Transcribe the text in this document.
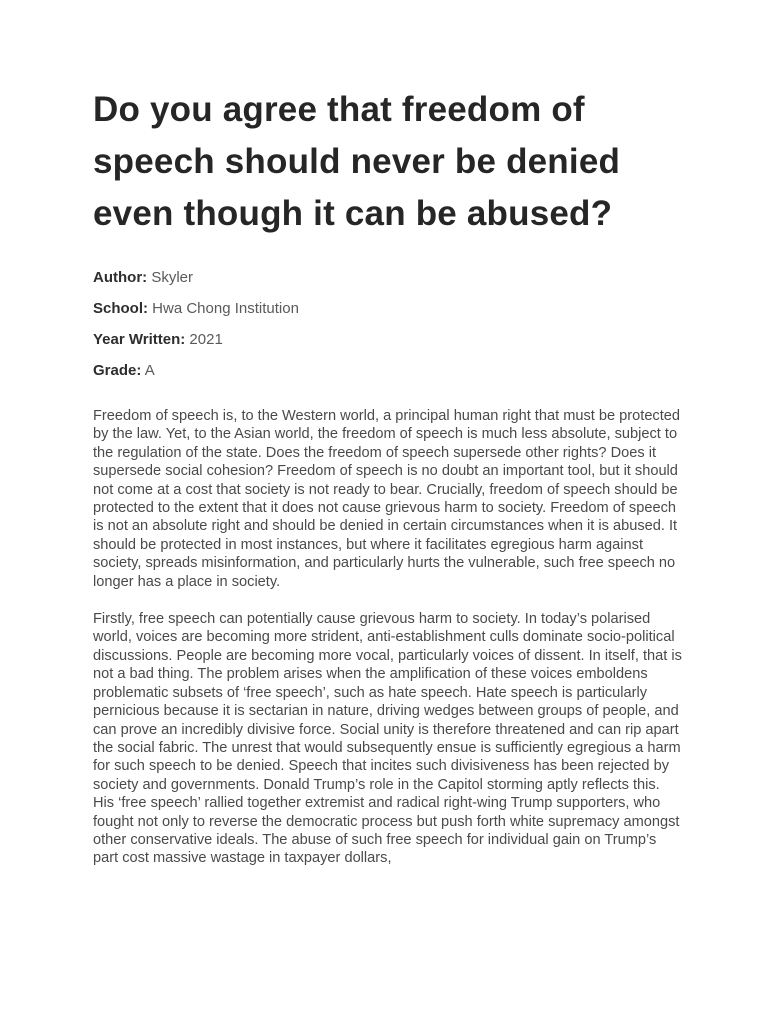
Do you agree that freedom of speech should never be denied even though it can be abused?

Author: Skyler

School: Hwa Chong Institution

Year Written: 2021

Grade: A

Freedom of speech is, to the Western world, a principal human right that must be protected by the law. Yet, to the Asian world, the freedom of speech is much less absolute, subject to the regulation of the state. Does the freedom of speech supersede other rights? Does it supersede social cohesion? Freedom of speech is no doubt an important tool, but it should not come at a cost that society is not ready to bear. Crucially, freedom of speech should be protected to the extent that it does not cause grievous harm to society. Freedom of speech is not an absolute right and should be denied in certain circumstances when it is abused. It should be protected in most instances, but where it facilitates egregious harm against society, spreads misinformation, and particularly hurts the vulnerable, such free speech no longer has a place in society.

Firstly, free speech can potentially cause grievous harm to society. In today’s polarised world, voices are becoming more strident, anti-establishment culls dominate socio-political discussions. People are becoming more vocal, particularly voices of dissent. In itself, that is not a bad thing. The problem arises when the amplification of these voices emboldens problematic subsets of ‘free speech’, such as hate speech. Hate speech is particularly pernicious because it is sectarian in nature, driving wedges between groups of people, and can prove an incredibly divisive force. Social unity is therefore threatened and can rip apart the social fabric. The unrest that would subsequently ensue is sufficiently egregious a harm for such speech to be denied. Speech that incites such divisiveness has been rejected by society and governments. Donald Trump’s role in the Capitol storming aptly reflects this. His ‘free speech’ rallied together extremist and radical right-wing Trump supporters, who fought not only to reverse the democratic process but push forth white supremacy amongst other conservative ideals. The abuse of such free speech for individual gain on Trump’s part cost massive wastage in taxpayer dollars,
